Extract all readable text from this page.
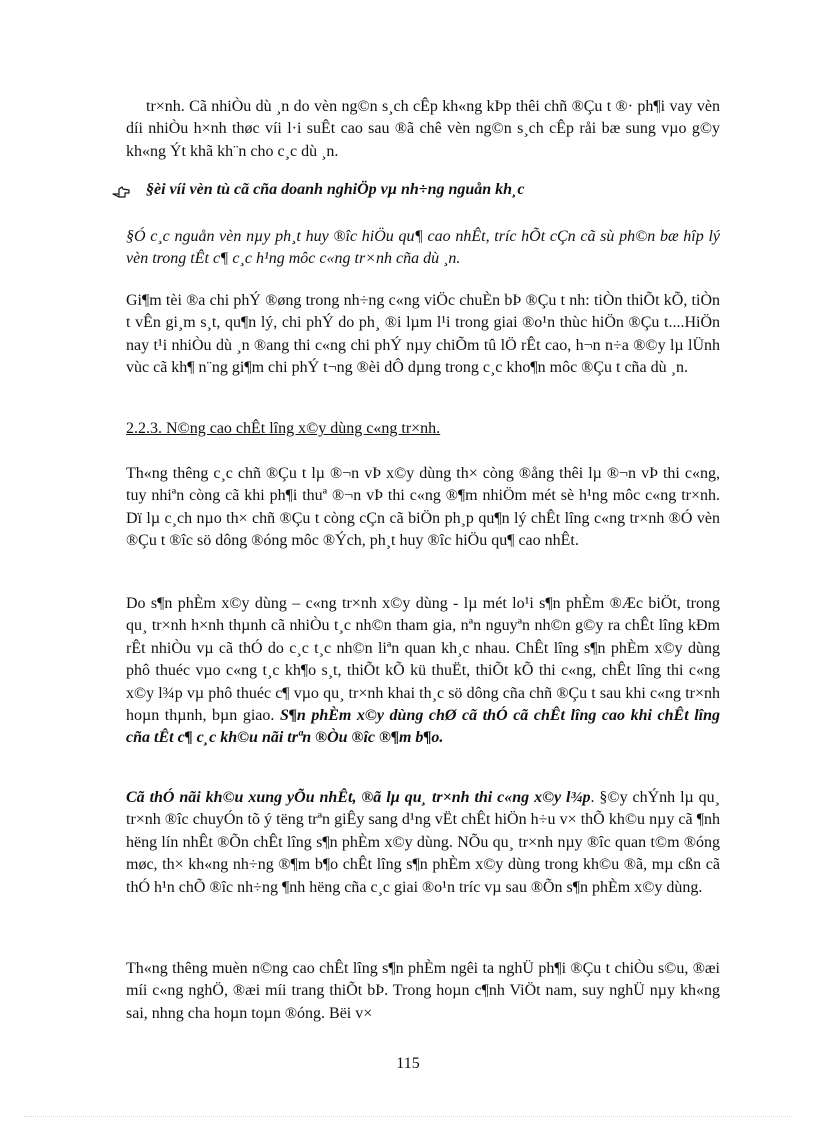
tr×nh. Cã nhiÒu dù ¸n do vèn ng©n s¸ch cÊp kh«ng kÞp thêi chñ ®Çu t ®· ph¶i vay vèn díi nhiÒu h×nh thøc víi l·i suÊt cao sau ®ã chê vèn ng©n s¸ch cÊp råi bæ sung vµo g©y kh«ng Ýt khã kh¨n cho c¸c dù ¸n.

§èi víi vèn tù cã cña doanh nghiÖp vµ nh÷ng nguån kh¸c

§Ó c¸c nguån vèn nµy ph¸t huy ®îc hiÖu qu¶ cao nhÊt, tríc hÕt cÇn cã sù ph©n bæ hîp lý vèn trong tÊt c¶ c¸c h¹ng môc c«ng tr×nh cña dù ¸n.

Gi¶m tèi ®a chi phÝ ®øng trong nh÷ng c«ng viÖc chuÈn bÞ ®Çu t nh: tiÒn thiÕt kÕ, tiÒn t vÊn gi¸m s¸t, qu¶n lý, chi phÝ do ph¸ ®i lµm l¹i trong giai ®o¹n thùc hiÖn ®Çu t....HiÖn nay t¹i nhiÒu dù ¸n ®ang thi c«ng chi phÝ nµy chiÕm tû lÖ rÊt cao, h¬n n÷a ®©y lµ lÜnh vùc cã kh¶ n¨ng gi¶m chi phÝ t¬ng ®èi dÔ dµng trong c¸c kho¶n môc ®Çu t cña dù ¸n.

2.2.3. N©ng cao chÊt lîng x©y dùng c«ng tr×nh.

Th«ng thêng c¸c chñ ®Çu t lµ ®¬n vÞ x©y dùng th× còng ®ång thêi lµ ®¬n vÞ thi c«ng, tuy nhiªn còng cã khi ph¶i thuª ®¬n vÞ thi c«ng ®¶m nhiÖm mét sè h¹ng môc c«ng tr×nh. Dï lµ c¸ch nµo th× chñ ®Çu t còng cÇn cã biÖn ph¸p qu¶n lý chÊt lîng c«ng tr×nh ®Ó vèn ®Çu t ®îc sö dông ®óng môc ®Ých, ph¸t huy ®îc hiÖu qu¶ cao nhÊt.

Do s¶n phÈm x©y dùng – c«ng tr×nh x©y dùng - lµ mét lo¹i s¶n phÈm ®Æc biÖt, trong qu¸ tr×nh h×nh thµnh cã nhiÒu t¸c nh©n tham gia, nªn nguyªn nh©n g©y ra chÊt lîng kÐm rÊt nhiÒu vµ cã thÓ do c¸c t¸c nh©n liªn quan kh¸c nhau. ChÊt lîng s¶n phÈm x©y dùng phô thuéc vµo c«ng t¸c kh¶o s¸t, thiÕt kÕ kü thuËt, thiÕt kÕ thi c«ng, chÊt lîng thi c«ng x©y l¾p vµ phô thuéc c¶ vµo qu¸ tr×nh khai th¸c sö dông cña chñ ®Çu t sau khi c«ng tr×nh hoµn thµnh, bµn giao. S¶n phÈm x©y dùng chØ cã thÓ cã chÊt lîng cao khi chÊt lîng cña tÊt c¶ c¸c kh©u nãi trªn ®Òu ®îc ®¶m b¶o.

Cã thÓ nãi kh©u xung yÕu nhÊt, ®ã lµ qu¸ tr×nh thi c«ng x©y l¾p. §©y chÝnh lµ qu¸ tr×nh ®îc chuyÓn tõ ý tëng trªn giÊy sang d¹ng vËt chÊt hiÖn h÷u v× thÕ kh©u nµy cã ¶nh hëng lín nhÊt ®Õn chÊt lîng s¶n phÈm x©y dùng. NÕu qu¸ tr×nh nµy ®îc quan t©m ®óng møc, th× kh«ng nh÷ng ®¶m b¶o chÊt lîng s¶n phÈm x©y dùng trong kh©u ®ã, mµ cßn cã thÓ h¹n chÕ ®îc nh÷ng ¶nh hëng cña c¸c giai ®o¹n tríc vµ sau ®Õn s¶n phÈm x©y dùng.

Th«ng thêng muèn n©ng cao chÊt lîng s¶n phÈm ngêi ta nghÜ ph¶i ®Çu t chiÒu s©u, ®æi míi c«ng nghÖ, ®æi míi trang thiÕt bÞ. Trong hoµn c¶nh ViÖt nam, suy nghÜ nµy kh«ng sai, nhng cha hoµn toµn ®óng. Bëi v×

115
